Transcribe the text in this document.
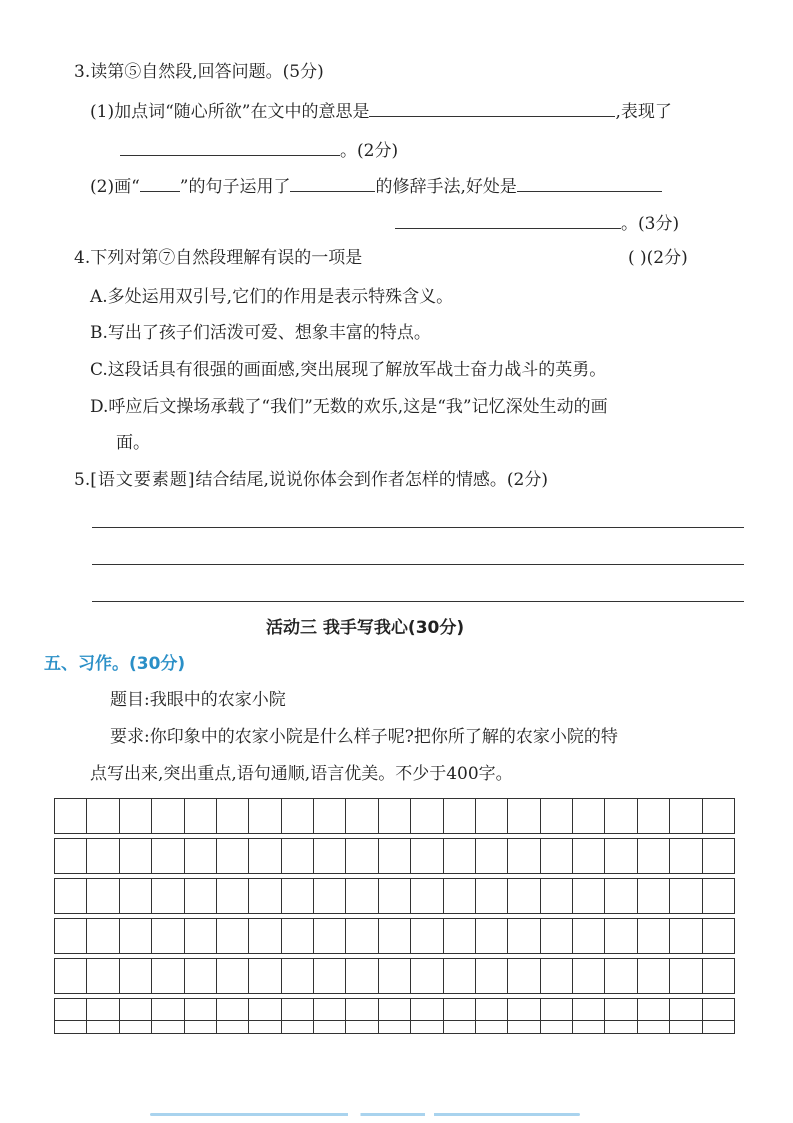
3.读第⑤自然段,回答问题。(5分)
(1)加点词“随心所欲”在文中的意思是	,表现了
。(2分)
(2)画“ ”的句子运用了	的修辞手法,好处是
。(3分)
4.下列对第⑦自然段理解有误的一项是	( )(2分)
A.多处运用双引号,它们的作用是表示特殊含义。
B.写出了孩子们活泼可爱、想象丰富的特点。
C.这段话具有很强的画面感,突出展现了解放军战士奋力战斗的英勇。
D.呼应后文操场承载了“我们”无数的欢乐,这是“我”记忆深处生动的画
面。
5.[语文要素题]结合结尾,说说你体会到作者怎样的情感。(2分)
活动三 我手写我心(30分)
五、习作。(30分)
题目:我眼中的农家小院
要求:你印象中的农家小院是什么样子呢?把你所了解的农家小院的特
点写出来,突出重点,语句通顺,语言优美。不少于400字。
